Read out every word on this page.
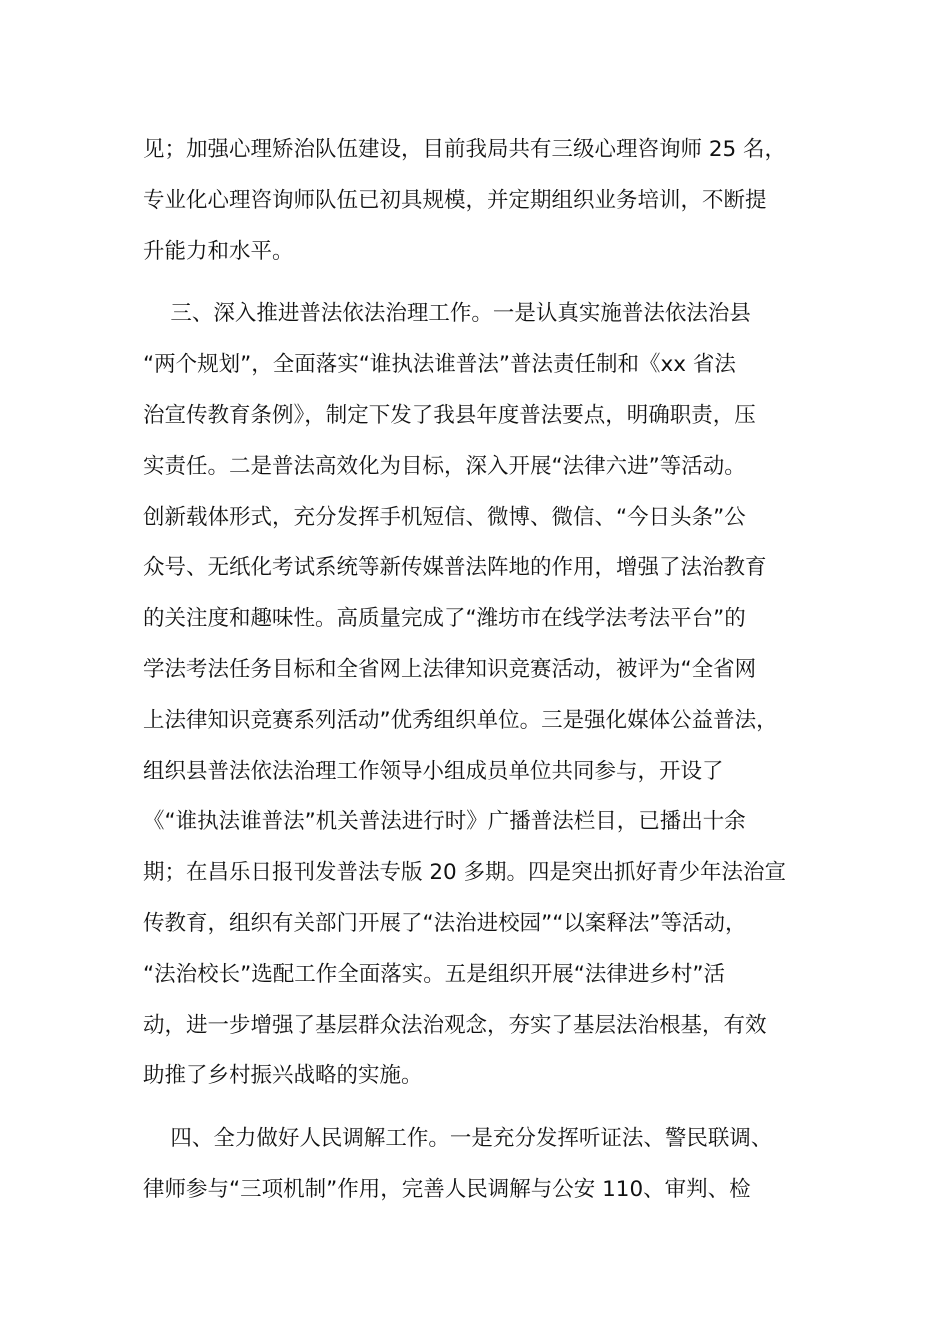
见；加强心理矫治队伍建设，目前我局共有三级心理咨询师 25 名，
专业化心理咨询师队伍已初具规模，并定期组织业务培训，不断提
升能力和水平。
三、深入推进普法依法治理工作。一是认真实施普法依法治县
“两个规划”，全面落实“谁执法谁普法”普法责任制和《xx 省法
治宣传教育条例》，制定下发了我县年度普法要点，明确职责，压
实责任。二是普法高效化为目标，深入开展“法律六进”等活动。
创新载体形式，充分发挥手机短信、微博、微信、“今日头条”公
众号、无纸化考试系统等新传媒普法阵地的作用，增强了法治教育
的关注度和趣味性。高质量完成了“潍坊市在线学法考法平台”的
学法考法任务目标和全省网上法律知识竞赛活动，被评为“全省网
上法律知识竞赛系列活动”优秀组织单位。三是强化媒体公益普法，
组织县普法依法治理工作领导小组成员单位共同参与，开设了
《“谁执法谁普法”机关普法进行时》广播普法栏目，已播出十余
期；在昌乐日报刊发普法专版 20 多期。四是突出抓好青少年法治宣
传教育，组织有关部门开展了“法治进校园”“以案释法”等活动，
“法治校长”选配工作全面落实。五是组织开展“法律进乡村”活
动，进一步增强了基层群众法治观念，夯实了基层法治根基，有效
助推了乡村振兴战略的实施。
四、全力做好人民调解工作。一是充分发挥听证法、警民联调、
律师参与“三项机制”作用，完善人民调解与公安 110、审判、检
